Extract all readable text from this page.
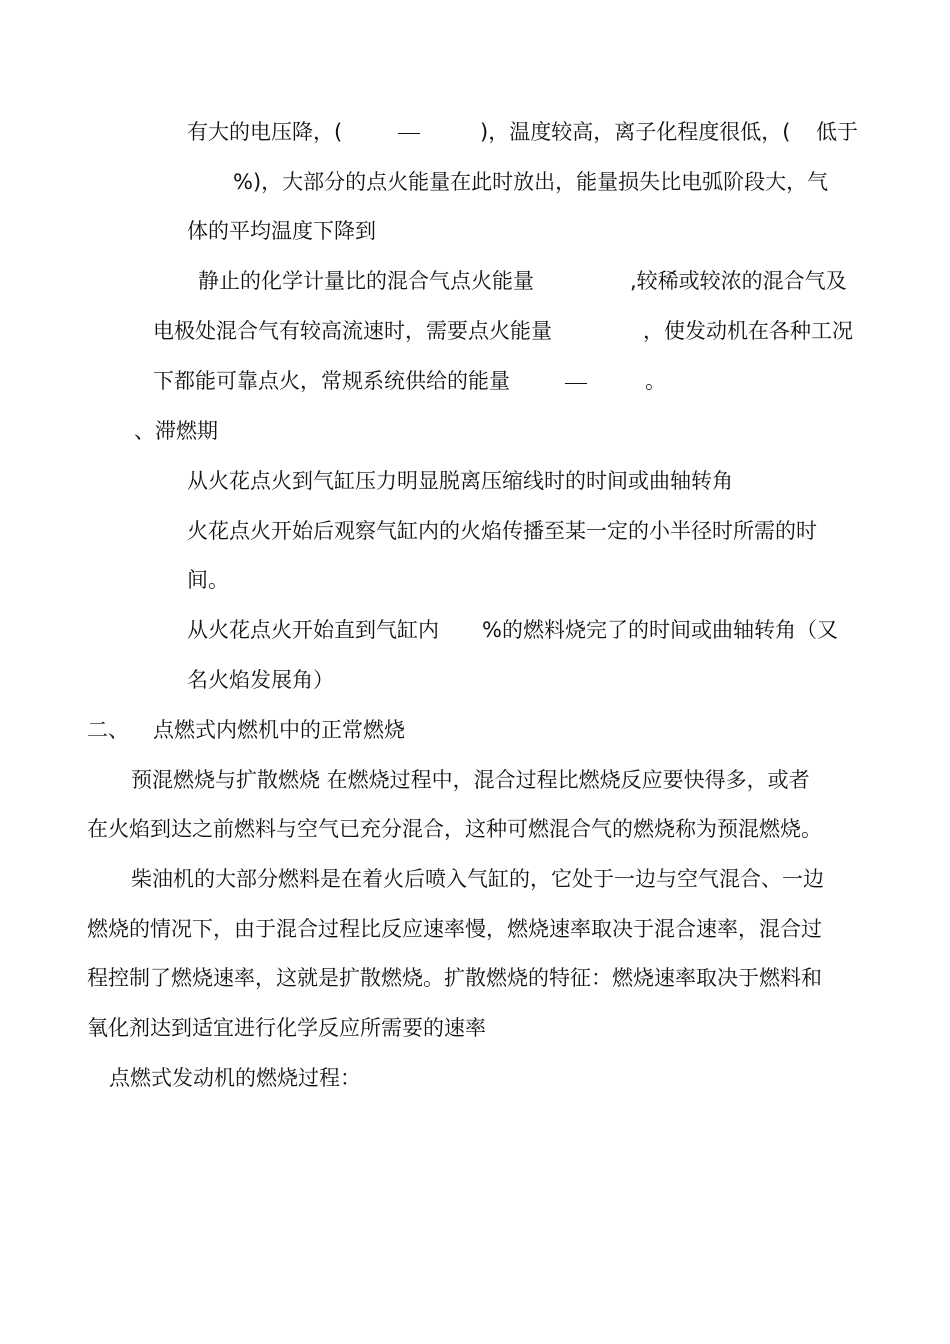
有大的电压降，(	)，温度较高，离子化程度很低，( 低于
%)，大部分的点火能量在此时放出，能量损失比电弧阶段大，气
体的平均温度下降到
静止的化学计量比的混合气点火能量	,较稀或较浓的混合气及
电极处混合气有较高流速时，需要点火能量	，使发动机在各种工况
下都能可靠点火，常规系统供给的能量	。
、滞燃期
从火花点火到气缸压力明显脱离压缩线时的时间或曲轴转角
火花点火开始后观察气缸内的火焰传播至某一定的小半径时所需的时
间。
从火花点火开始直到气缸内 %的燃料烧完了的时间或曲轴转角（又
名火焰发展角）
二、 点燃式内燃机中的正常燃烧
预混燃烧与扩散燃烧 在燃烧过程中，混合过程比燃烧反应要快得多，或者
在火焰到达之前燃料与空气已充分混合，这种可燃混合气的燃烧称为预混燃烧。
柴油机的大部分燃料是在着火后喷入气缸的，它处于一边与空气混合、一边
燃烧的情况下，由于混合过程比反应速率慢，燃烧速率取决于混合速率，混合过
程控制了燃烧速率，这就是扩散燃烧。扩散燃烧的特征：燃烧速率取决于燃料和
氧化剂达到适宜进行化学反应所需要的速率
点燃式发动机的燃烧过程：
